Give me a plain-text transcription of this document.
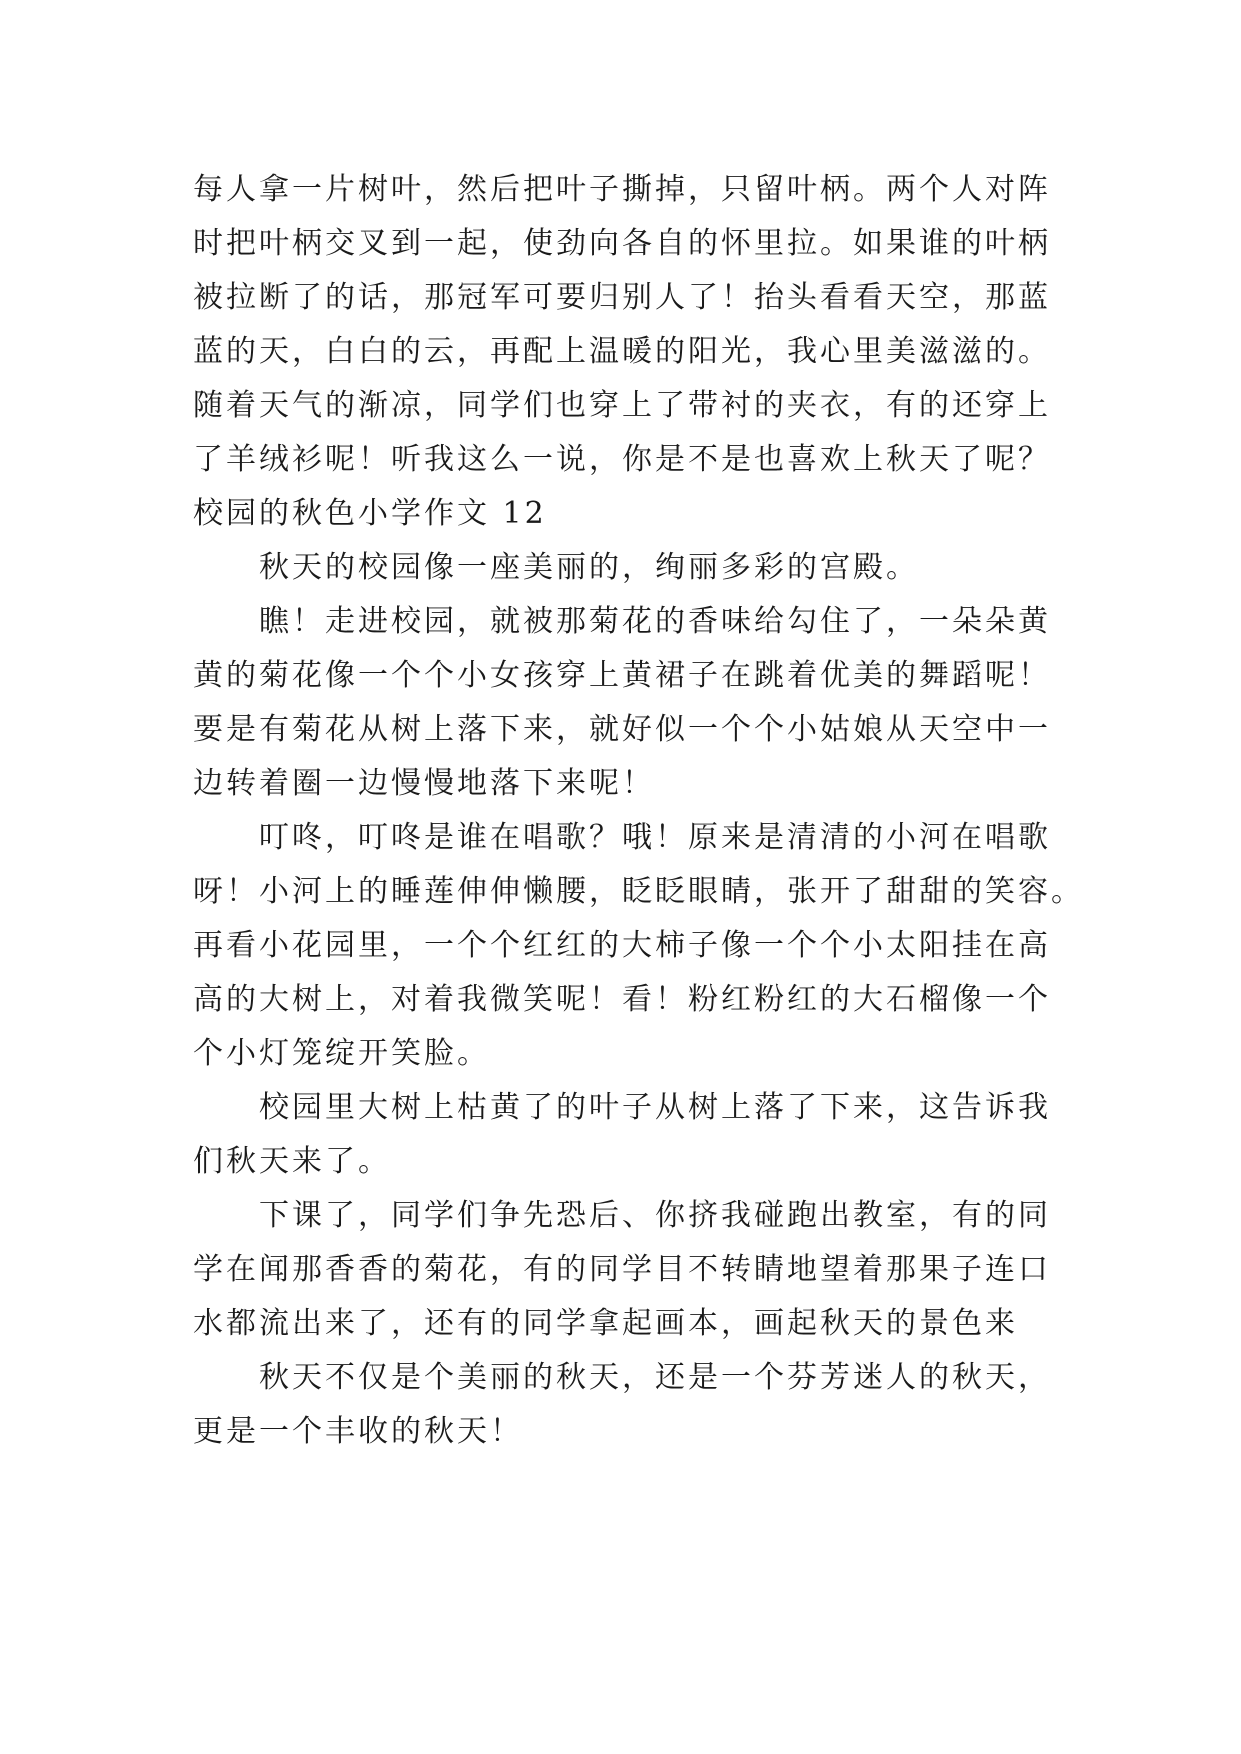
每人拿一片树叶，然后把叶子撕掉，只留叶柄。两个人对阵
时把叶柄交叉到一起，使劲向各自的怀里拉。如果谁的叶柄
被拉断了的话，那冠军可要归别人了！抬头看看天空，那蓝
蓝的天，白白的云，再配上温暖的阳光，我心里美滋滋的。
随着天气的渐凉，同学们也穿上了带衬的夹衣，有的还穿上
了羊绒衫呢！听我这么一说，你是不是也喜欢上秋天了呢？
校园的秋色小学作文 12
秋天的校园像一座美丽的，绚丽多彩的宫殿。
瞧！走进校园，就被那菊花的香味给勾住了，一朵朵黄
黄的菊花像一个个小女孩穿上黄裙子在跳着优美的舞蹈呢！
要是有菊花从树上落下来，就好似一个个小姑娘从天空中一
边转着圈一边慢慢地落下来呢！
叮咚，叮咚是谁在唱歌？哦！原来是清清的小河在唱歌
呀！小河上的睡莲伸伸懒腰，眨眨眼睛，张开了甜甜的笑容。
再看小花园里，一个个红红的大柿子像一个个小太阳挂在高
高的大树上，对着我微笑呢！看！粉红粉红的大石榴像一个
个小灯笼绽开笑脸。
校园里大树上枯黄了的叶子从树上落了下来，这告诉我
们秋天来了。
下课了，同学们争先恐后、你挤我碰跑出教室，有的同
学在闻那香香的菊花，有的同学目不转睛地望着那果子连口
水都流出来了，还有的同学拿起画本，画起秋天的景色来
秋天不仅是个美丽的秋天，还是一个芬芳迷人的秋天，
更是一个丰收的秋天！
